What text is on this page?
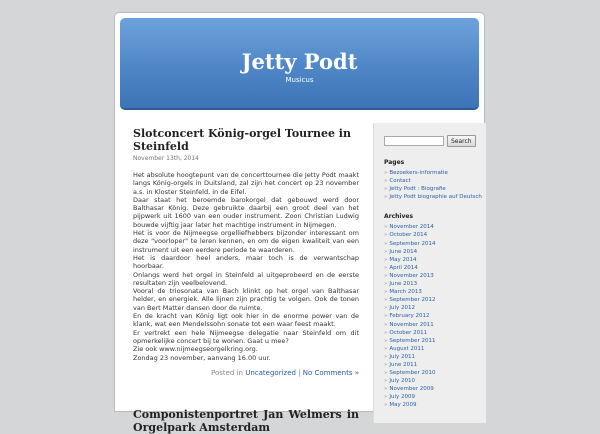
Jetty Podt
Musicus
Slotconcert König-orgel Tournee in Steinfeld
November 13th, 2014

Het absolute hoogtepunt van de concerttournee die Jetty Podt maakt langs König-orgels in Duitsland, zal zijn het concert op 23 november a.s. in Kloster Steinfeld, in de Eifel.

Daar staat het beroemde barokorgel dat gebouwd werd door Balthasar König. Deze gebruikte daarbij een groot deel van het pijpwerk uit 1600 van een ouder instrument. Zoon Christian Ludwig bouwde vijftig jaar later het machtige instrument in Nijmegen.

Het is voor de Nijmeegse orgelliefhebbers bijzonder interessant om deze "voorloper" te leren kennen, en om de eigen kwaliteit van een instrument uit een eerdere periode te waarderen.

Het is daardoor heel anders, maar toch is de verwantschap hoorbaar.

Onlangs werd het orgel in Steinfeld al uitgeprobeerd en de eerste resultaten zijn veelbelovend.

Vooral de triosonata van Bach klinkt op het orgel van Balthasar helder, en energiek. Alle lijnen zijn prachtig te volgen. Ook de tonen van Bert Matter dansen door de ruimte.

En de kracht van König ligt ook hier in de enorme power van de klank, wat een Mendelssohn sonate tot een waar feest maakt.

Er vertrekt een hele Nijmeegse delegatie naar Steinfeld om dit opmerkelijke concert bij te wonen. Gaat u mee?

Zie ook www.nijmeegseorgelkring.org.

Zondag 23 november, aanvang 16.00 uur.

Posted in Uncategorized | No Comments »
Componistenportret Jan Welmers in
Orgelpark Amsterdam
Search
Pages
» Bezoekers-informatie
» Contact
» Jetty Podt : Biografie
» Jetty Podt biographie auf Deutsch
Archives
» November 2014
» October 2014
» September 2014
» June 2014
» May 2014
» April 2014
» November 2013
» June 2013
» March 2013
» September 2012
» July 2012
» February 2012
» November 2011
» October 2011
» September 2011
» August 2011
» July 2011
» June 2011
» September 2010
» July 2010
» November 2009
» July 2009
» May 2009
